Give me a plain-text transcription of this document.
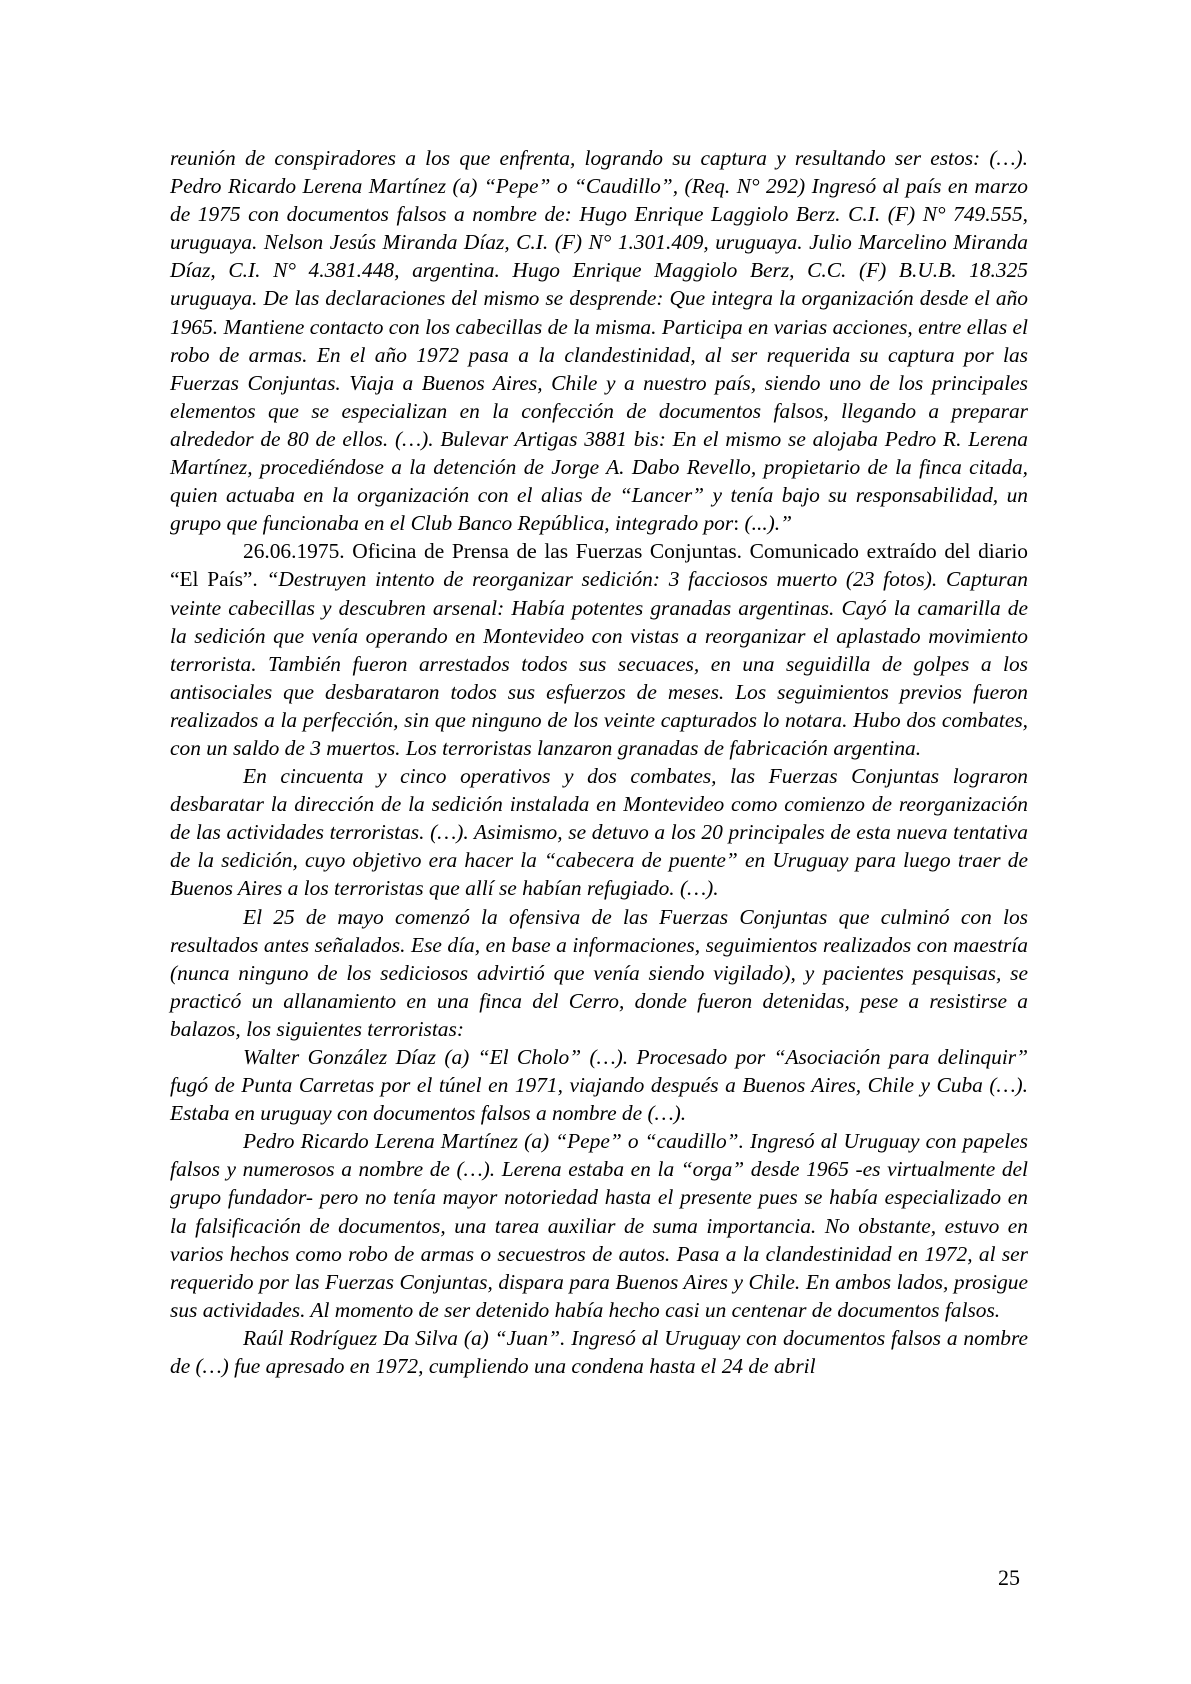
reunión de conspiradores a los que enfrenta, logrando su captura y resultando ser estos: (…). Pedro Ricardo Lerena Martínez (a) “Pepe” o “Caudillo”, (Req. N° 292) Ingresó al país en marzo de 1975 con documentos falsos a nombre de: Hugo Enrique Laggiolo Berz. C.I. (F) N° 749.555, uruguaya. Nelson Jesús Miranda Díaz, C.I. (F) N° 1.301.409, uruguaya. Julio Marcelino Miranda Díaz, C.I. N° 4.381.448, argentina. Hugo Enrique Maggiolo Berz, C.C. (F) B.U.B. 18.325 uruguaya. De las declaraciones del mismo se desprende: Que integra la organización desde el año 1965. Mantiene contacto con los cabecillas de la misma. Participa en varias acciones, entre ellas el robo de armas. En el año 1972 pasa a la clandestinidad, al ser requerida su captura por las Fuerzas Conjuntas. Viaja a Buenos Aires, Chile y a nuestro país, siendo uno de los principales elementos que se especializan en la confección de documentos falsos, llegando a preparar alrededor de 80 de ellos. (…). Bulevar Artigas 3881 bis: En el mismo se alojaba Pedro R. Lerena Martínez, procediéndose a la detención de Jorge A. Dabo Revello, propietario de la finca citada, quien actuaba en la organización con el alias de “Lancer” y tenía bajo su responsabilidad, un grupo que funcionaba en el Club Banco República, integrado por: (...).”

26.06.1975. Oficina de Prensa de las Fuerzas Conjuntas. Comunicado extraído del diario “El País”. “Destruyen intento de reorganizar sedición: 3 facciosos muerto (23 fotos). Capturan veinte cabecillas y descubren arsenal: Había potentes granadas argentinas. Cayó la camarilla de la sedición que venía operando en Montevideo con vistas a reorganizar el aplastado movimiento terrorista. También fueron arrestados todos sus secuaces, en una seguidilla de golpes a los antisociales que desbarataron todos sus esfuerzos de meses. Los seguimientos previos fueron realizados a la perfección, sin que ninguno de los veinte capturados lo notara. Hubo dos combates, con un saldo de 3 muertos. Los terroristas lanzaron granadas de fabricación argentina.

En cincuenta y cinco operativos y dos combates, las Fuerzas Conjuntas lograron desbaratar la dirección de la sedición instalada en Montevideo como comienzo de reorganización de las actividades terroristas. (…). Asimismo, se detuvo a los 20 principales de esta nueva tentativa de la sedición, cuyo objetivo era hacer la “cabecera de puente” en Uruguay para luego traer de Buenos Aires a los terroristas que allí se habían refugiado. (…).

El 25 de mayo comenzó la ofensiva de las Fuerzas Conjuntas que culminó con los resultados antes señalados. Ese día, en base a informaciones, seguimientos realizados con maestría (nunca ninguno de los sediciosos advirtió que venía siendo vigilado), y pacientes pesquisas, se practicó un allanamiento en una finca del Cerro, donde fueron detenidas, pese a resistirse a balazos, los siguientes terroristas:

Walter González Díaz (a) “El Cholo” (…). Procesado por “Asociación para delinquir” fugó de Punta Carretas por el túnel en 1971, viajando después a Buenos Aires, Chile y Cuba (…). Estaba en uruguay con documentos falsos a nombre de (…).

Pedro Ricardo Lerena Martínez (a) “Pepe” o “caudillo”. Ingresó al Uruguay con papeles falsos y numerosos a nombre de (…). Lerena estaba en la “orga” desde 1965 -es virtualmente del grupo fundador- pero no tenía mayor notoriedad hasta el presente pues se había especializado en la falsificación de documentos, una tarea auxiliar de suma importancia. No obstante, estuvo en varios hechos como robo de armas o secuestros de autos. Pasa a la clandestinidad en 1972, al ser requerido por las Fuerzas Conjuntas, dispara para Buenos Aires y Chile. En ambos lados, prosigue sus actividades. Al momento de ser detenido había hecho casi un centenar de documentos falsos.

Raúl Rodríguez Da Silva (a) “Juan”. Ingresó al Uruguay con documentos falsos a nombre de (…) fue apresado en 1972, cumpliendo una condena hasta el 24 de abril

25
